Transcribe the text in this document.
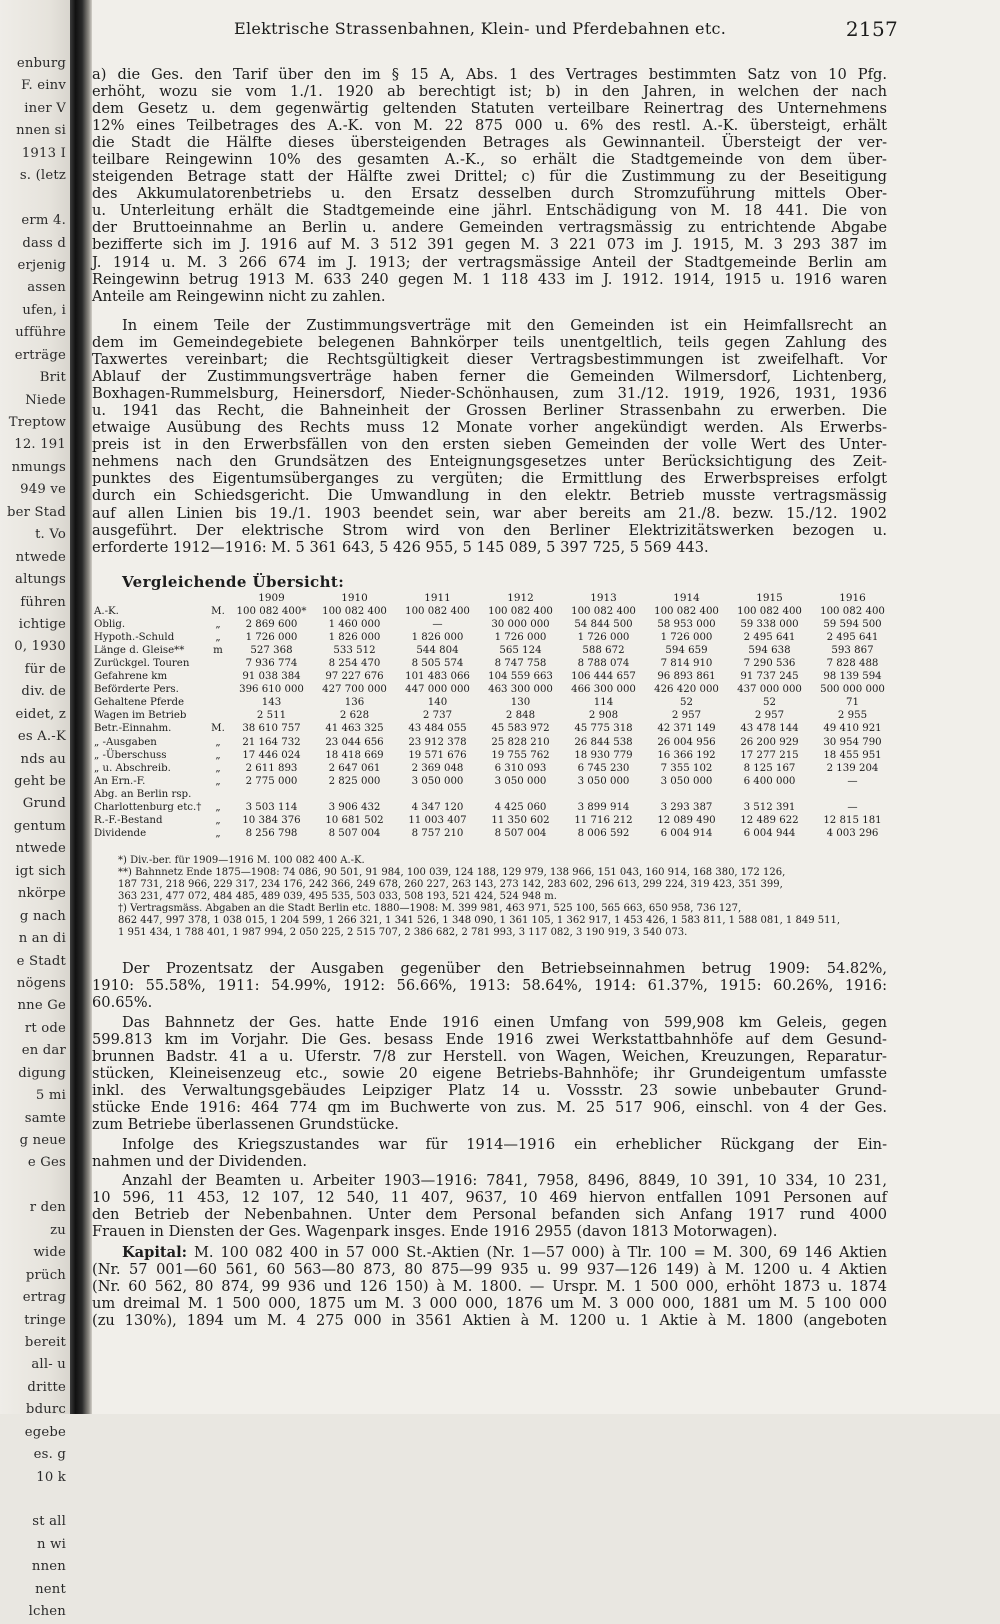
enburg
F. einv
iner V
nnen si
1913 I
s. (letz
erm 4.
dass d
erjenig
assen
ufen, i
ufführe
erträge
Brit
Niede
Treptow
12. 191
nmungs
949 ve
ber Stad
t. Vo
ntwede
altungs
führen
ichtige
0, 1930
für de
div. de
eidet, z
es A.-K
nds au
geht be
Grund
gentum
ntwede
igt sich
nkörpe
g nach
n an di
e Stadt
nögens
nne Ge
rt ode
en dar
digung
5 mi
samte
g neue
e Ges
r den
zu
wide
prüch
ertrag
tringe
bereit
all- u
dritte
bdurc
egebe
es. g
10 k
st all
n wi
nnen
nent
lchen
Elektrische Strassenbahnen, Klein- und Pferdebahnen etc.	2157
a) die Ges. den Tarif über den im § 15 A, Abs. 1 des Vertrages bestimmten Satz von 10 Pfg.
erhöht, wozu sie vom 1./1. 1920 ab berechtigt ist; b) in den Jahren, in welchen der nach
dem Gesetz u. dem gegenwärtig geltenden Statuten verteilbare Reinertrag des Unternehmens
12% eines Teilbetrages des A.-K. von M. 22 875 000 u. 6% des restl. A.-K. übersteigt, erhält
die Stadt die Hälfte dieses übersteigenden Betrages als Gewinnanteil. Übersteigt der ver-
teilbare Reingewinn 10% des gesamten A.-K., so erhält die Stadtgemeinde von dem über-
steigenden Betrage statt der Hälfte zwei Drittel; c) für die Zustimmung zu der Beseitigung
des Akkumulatorenbetriebs u. den Ersatz desselben durch Stromzuführung mittels Ober-
u. Unterleitung erhält die Stadtgemeinde eine jährl. Entschädigung von M. 18 441. Die von
der Bruttoeinnahme an Berlin u. andere Gemeinden vertragsmässig zu entrichtende Abgabe
bezifferte sich im J. 1916 auf M. 3 512 391 gegen M. 3 221 073 im J. 1915, M. 3 293 387 im
J. 1914 u. M. 3 266 674 im J. 1913; der vertragsmässige Anteil der Stadtgemeinde Berlin am
Reingewinn betrug 1913 M. 633 240 gegen M. 1 118 433 im J. 1912. 1914, 1915 u. 1916 waren
Anteile am Reingewinn nicht zu zahlen.
In einem Teile der Zustimmungsverträge mit den Gemeinden ist ein Heimfallsrecht an
dem im Gemeindegebiete belegenen Bahnkörper teils unentgeltlich, teils gegen Zahlung des
Taxwertes vereinbart; die Rechtsgültigkeit dieser Vertragsbestimmungen ist zweifelhaft. Vor
Ablauf der Zustimmungsverträge haben ferner die Gemeinden Wilmersdorf, Lichtenberg,
Boxhagen-Rummelsburg, Heinersdorf, Nieder-Schönhausen, zum 31./12. 1919, 1926, 1931, 1936
u. 1941 das Recht, die Bahneinheit der Grossen Berliner Strassenbahn zu erwerben. Die
etwaige Ausübung des Rechts muss 12 Monate vorher angekündigt werden. Als Erwerbs-
preis ist in den Erwerbsfällen von den ersten sieben Gemeinden der volle Wert des Unter-
nehmens nach den Grundsätzen des Enteignungsgesetzes unter Berücksichtigung des Zeit-
punktes des Eigentumsüberganges zu vergüten; die Ermittlung des Erwerbspreises erfolgt
durch ein Schiedsgericht. Die Umwandlung in den elektr. Betrieb musste vertragsmässig
auf allen Linien bis 19./1. 1903 beendet sein, war aber bereits am 21./8. bezw. 15./12. 1902
ausgeführt. Der elektrische Strom wird von den Berliner Elektrizitätswerken bezogen u.
erforderte 1912—1916: M. 5 361 643, 5 426 955, 5 145 089, 5 397 725, 5 569 443.
Vergleichende Übersicht:
		1909	1910	1911	1912	1913	1914	1915	1916
A.-K.	M.	100 082 400*	100 082 400	100 082 400	100 082 400	100 082 400	100 082 400	100 082 400	100 082 400
Oblig.	„	2 869 600	1 460 000	—	30 000 000	54 844 500	58 953 000	59 338 000	59 594 500
Hypoth.-Schuld	„	1 726 000	1 826 000	1 826 000	1 726 000	1 726 000	1 726 000	2 495 641	2 495 641
Länge d. Gleise**	m	527 368	533 512	544 804	565 124	588 672	594 659	594 638	593 867
Zurückgel. Touren		7 936 774	8 254 470	8 505 574	8 747 758	8 788 074	7 814 910	7 290 536	7 828 488
Gefahrene km		91 038 384	97 227 676	101 483 066	104 559 663	106 444 657	96 893 861	91 737 245	98 139 594
Beförderte Pers.		396 610 000	427 700 000	447 000 000	463 300 000	466 300 000	426 420 000	437 000 000	500 000 000
Gehaltene Pferde		143	136	140	130	114	52	52	71
Wagen im Betrieb		2 511	2 628	2 737	2 848	2 908	2 957	2 957	2 955
Betr.-Einnahm.	M.	38 610 757	41 463 325	43 484 055	45 583 972	45 775 318	42 371 149	43 478 144	49 410 921
„ -Ausgaben	„	21 164 732	23 044 656	23 912 378	25 828 210	26 844 538	26 004 956	26 200 929	30 954 790
„ -Überschuss	„	17 446 024	18 418 669	19 571 676	19 755 762	18 930 779	16 366 192	17 277 215	18 455 951
„ u. Abschreib.	„	2 611 893	2 647 061	2 369 048	6 310 093	6 745 230	7 355 102	8 125 167	2 139 204
An Ern.-F.	„	2 775 000	2 825 000	3 050 000	3 050 000	3 050 000	3 050 000	6 400 000	—
Abg. an Berlin rsp.									
Charlottenburg etc.†	„	3 503 114	3 906 432	4 347 120	4 425 060	3 899 914	3 293 387	3 512 391	—
R.-F.-Bestand	„	10 384 376	10 681 502	11 003 407	11 350 602	11 716 212	12 089 490	12 489 622	12 815 181
Dividende	„	8 256 798	8 507 004	8 757 210	8 507 004	8 006 592	6 004 914	6 004 944	4 003 296
*) Div.-ber. für 1909—1916 M. 100 082 400 A.-K.
**) Bahnnetz Ende 1875—1908: 74 086, 90 501, 91 984, 100 039, 124 188, 129 979, 138 966, 151 043, 160 914, 168 380, 172 126,
187 731, 218 966, 229 317, 234 176, 242 366, 249 678, 260 227, 263 143, 273 142, 283 602, 296 613, 299 224, 319 423, 351 399,
363 231, 477 072, 484 485, 489 039, 495 535, 503 033, 508 193, 521 424, 524 948 m.
†) Vertragsmäss. Abgaben an die Stadt Berlin etc. 1880—1908: M. 399 981, 463 971, 525 100, 565 663, 650 958, 736 127,
862 447, 997 378, 1 038 015, 1 204 599, 1 266 321, 1 341 526, 1 348 090, 1 361 105, 1 362 917, 1 453 426, 1 583 811, 1 588 081, 1 849 511,
1 951 434, 1 788 401, 1 987 994, 2 050 225, 2 515 707, 2 386 682, 2 781 993, 3 117 082, 3 190 919, 3 540 073.
Der Prozentsatz der Ausgaben gegenüber den Betriebseinnahmen betrug 1909: 54.82%,
1910: 55.58%, 1911: 54.99%, 1912: 56.66%, 1913: 58.64%, 1914: 61.37%, 1915: 60.26%, 1916:
60.65%.
Das Bahnnetz der Ges. hatte Ende 1916 einen Umfang von 599,908 km Geleis, gegen
599.813 km im Vorjahr. Die Ges. besass Ende 1916 zwei Werkstattbahnhöfe auf dem Gesund-
brunnen Badstr. 41 a u. Uferstr. 7/8 zur Herstell. von Wagen, Weichen, Kreuzungen, Reparatur-
stücken, Kleineisenzeug etc., sowie 20 eigene Betriebs-Bahnhöfe; ihr Grundeigentum umfasste
inkl. des Verwaltungsgebäudes Leipziger Platz 14 u. Vossstr. 23 sowie unbebauter Grund-
stücke Ende 1916: 464 774 qm im Buchwerte von zus. M. 25 517 906, einschl. von 4 der Ges.
zum Betriebe überlassenen Grundstücke.
Infolge des Kriegszustandes war für 1914—1916 ein erheblicher Rückgang der Ein-
nahmen und der Dividenden.
Anzahl der Beamten u. Arbeiter 1903—1916: 7841, 7958, 8496, 8849, 10 391, 10 334, 10 231,
10 596, 11 453, 12 107, 12 540, 11 407, 9637, 10 469 hiervon entfallen 1091 Personen auf
den Betrieb der Nebenbahnen. Unter dem Personal befanden sich Anfang 1917 rund 4000
Frauen in Diensten der Ges. Wagenpark insges. Ende 1916 2955 (davon 1813 Motorwagen).
Kapital: M. 100 082 400 in 57 000 St.-Aktien (Nr. 1—57 000) à Tlr. 100 = M. 300, 69 146 Aktien
(Nr. 57 001—60 561, 60 563—80 873, 80 875—99 935 u. 99 937—126 149) à M. 1200 u. 4 Aktien
(Nr. 60 562, 80 874, 99 936 und 126 150) à M. 1800. — Urspr. M. 1 500 000, erhöht 1873 u. 1874
um dreimal M. 1 500 000, 1875 um M. 3 000 000, 1876 um M. 3 000 000, 1881 um M. 5 100 000
(zu 130%), 1894 um M. 4 275 000 in 3561 Aktien à M. 1200 u. 1 Aktie à M. 1800 (angeboten
